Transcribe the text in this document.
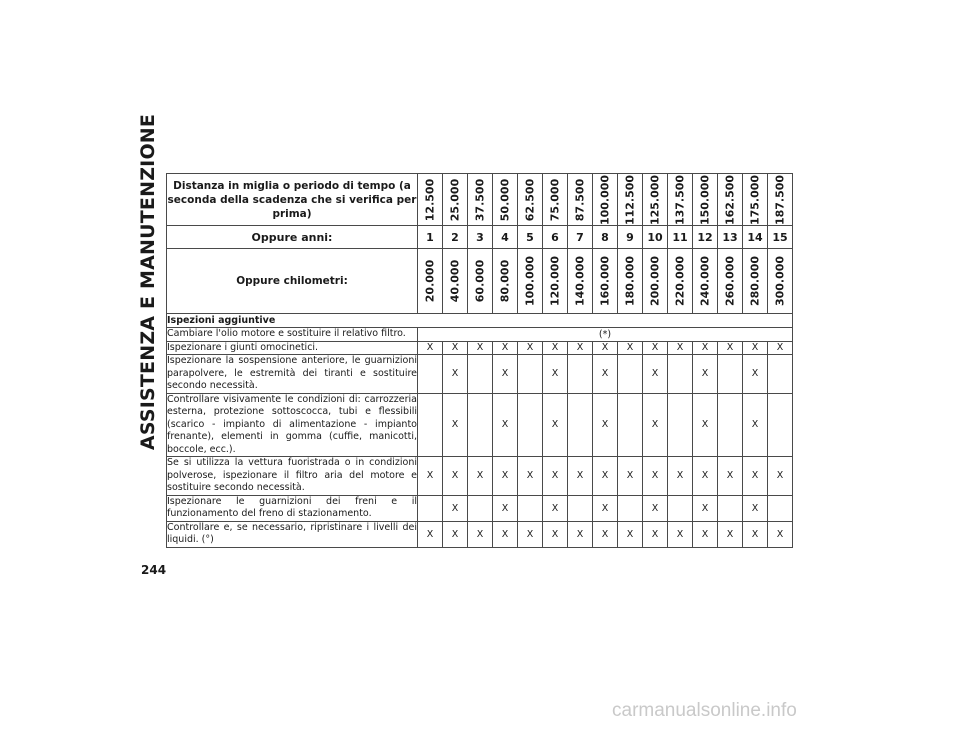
ASSISTENZA E MANUTENZIONE
244
Distanza in miglia o periodo di tempo (a seconda della scadenza che si verifica per prima)	12.500	25.000	37.500	50.000	62.500	75.000	87.500	100.000	112.500	125.000	137.500	150.000	162.500	175.000	187.500

Oppure anni:	1	2	3	4	5	6	7	8	9	10	11	12	13	14	15
Oppure chilometri:	20.000	40.000	60.000	80.000	100.000	120.000	140.000	160.000	180.000	200.000	220.000	240.000	260.000	280.000	300.000

Ispezioni aggiuntive															
Cambiare l'olio motore e sostituire il relativo filtro.	(*)														
Ispezionare i giunti omocinetici.	X	X	X	X	X	X	X	X	X	X	X	X	X	X	X
Ispezionare la sospensione anteriore, le guarnizioni parapolvere, le estremità dei tiranti e sostituire secondo necessità.		X		X		X		X		X		X		X	
Controllare visivamente le condizioni di: carrozzeria esterna, protezione sottoscocca, tubi e flessibili (scarico - impianto di alimentazione - impianto frenante), elementi in gomma (cuffie, manicotti, boccole, ecc.).		X		X		X		X		X		X		X	
Se si utilizza la vettura fuoristrada o in condizioni polverose, ispezionare il filtro aria del motore e sostituire secondo necessità.	X	X	X	X	X	X	X	X	X	X	X	X	X	X	X
Ispezionare le guarnizioni dei freni e il funzionamento del freno di stazionamento.		X		X		X		X		X		X		X	
Controllare e, se necessario, ripristinare i livelli dei liquidi. (°)	X	X	X	X	X	X	X	X	X	X	X	X	X	X	X
carmanualsonline.info
